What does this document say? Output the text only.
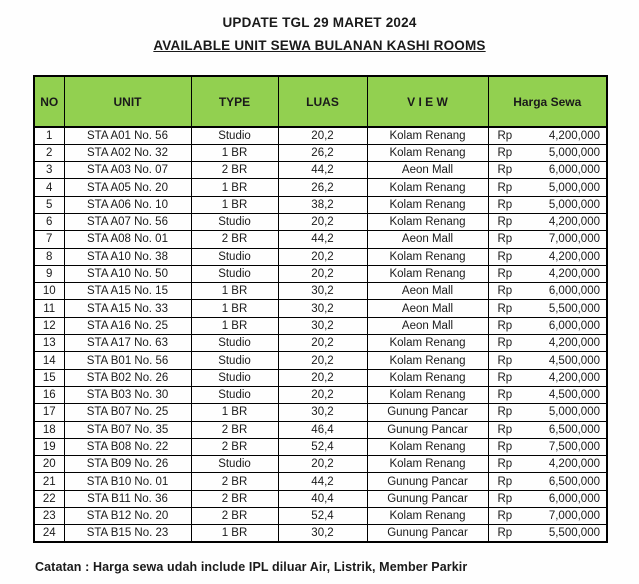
UPDATE TGL 29 MARET 2024
AVAILABLE UNIT SEWA BULANAN KASHI ROOMS
NO	UNIT	TYPE	LUAS	V I E W	Harga Sewa
1	STA A01 No. 56	Studio	20,2	Kolam Renang	Rp 4,200,000

2	STA A02 No. 32	1 BR	26,2	Kolam Renang	Rp 5,000,000

3	STA A03 No. 07	2 BR	44,2	Aeon Mall	Rp 6,000,000

4	STA A05 No. 20	1 BR	26,2	Kolam Renang	Rp 5,000,000

5	STA A06 No. 10	1 BR	38,2	Kolam Renang	Rp 5,000,000

6	STA A07 No. 56	Studio	20,2	Kolam Renang	Rp 4,200,000

7	STA A08 No. 01	2 BR	44,2	Aeon Mall	Rp 7,000,000

8	STA A10 No. 38	Studio	20,2	Kolam Renang	Rp 4,200,000

9	STA A10 No. 50	Studio	20,2	Kolam Renang	Rp 4,200,000

10	STA A15 No. 15	1 BR	30,2	Aeon Mall	Rp 6,000,000

11	STA A15 No. 33	1 BR	30,2	Aeon Mall	Rp 5,500,000

12	STA A16 No. 25	1 BR	30,2	Aeon Mall	Rp 6,000,000

13	STA A17 No. 63	Studio	20,2	Kolam Renang	Rp 4,200,000

14	STA B01 No. 56	Studio	20,2	Kolam Renang	Rp 4,500,000

15	STA B02 No. 26	Studio	20,2	Kolam Renang	Rp 4,200,000

16	STA B03 No. 30	Studio	20,2	Kolam Renang	Rp 4,500,000

17	STA B07 No. 25	1 BR	30,2	Gunung Pancar	Rp 5,000,000

18	STA B07 No. 35	2 BR	46,4	Gunung Pancar	Rp 6,500,000

19	STA B08 No. 22	2 BR	52,4	Kolam Renang	Rp 7,500,000

20	STA B09 No. 26	Studio	20,2	Kolam Renang	Rp 4,200,000

21	STA B10 No. 01	2 BR	44,2	Gunung Pancar	Rp 6,500,000

22	STA B11 No. 36	2 BR	40,4	Gunung Pancar	Rp 6,000,000

23	STA B12 No. 20	2 BR	52,4	Kolam Renang	Rp 7,000,000

24	STA B15 No. 23	1 BR	30,2	Gunung Pancar	Rp 5,500,000
Catatan : Harga sewa udah include IPL diluar Air, Listrik, Member Parkir
